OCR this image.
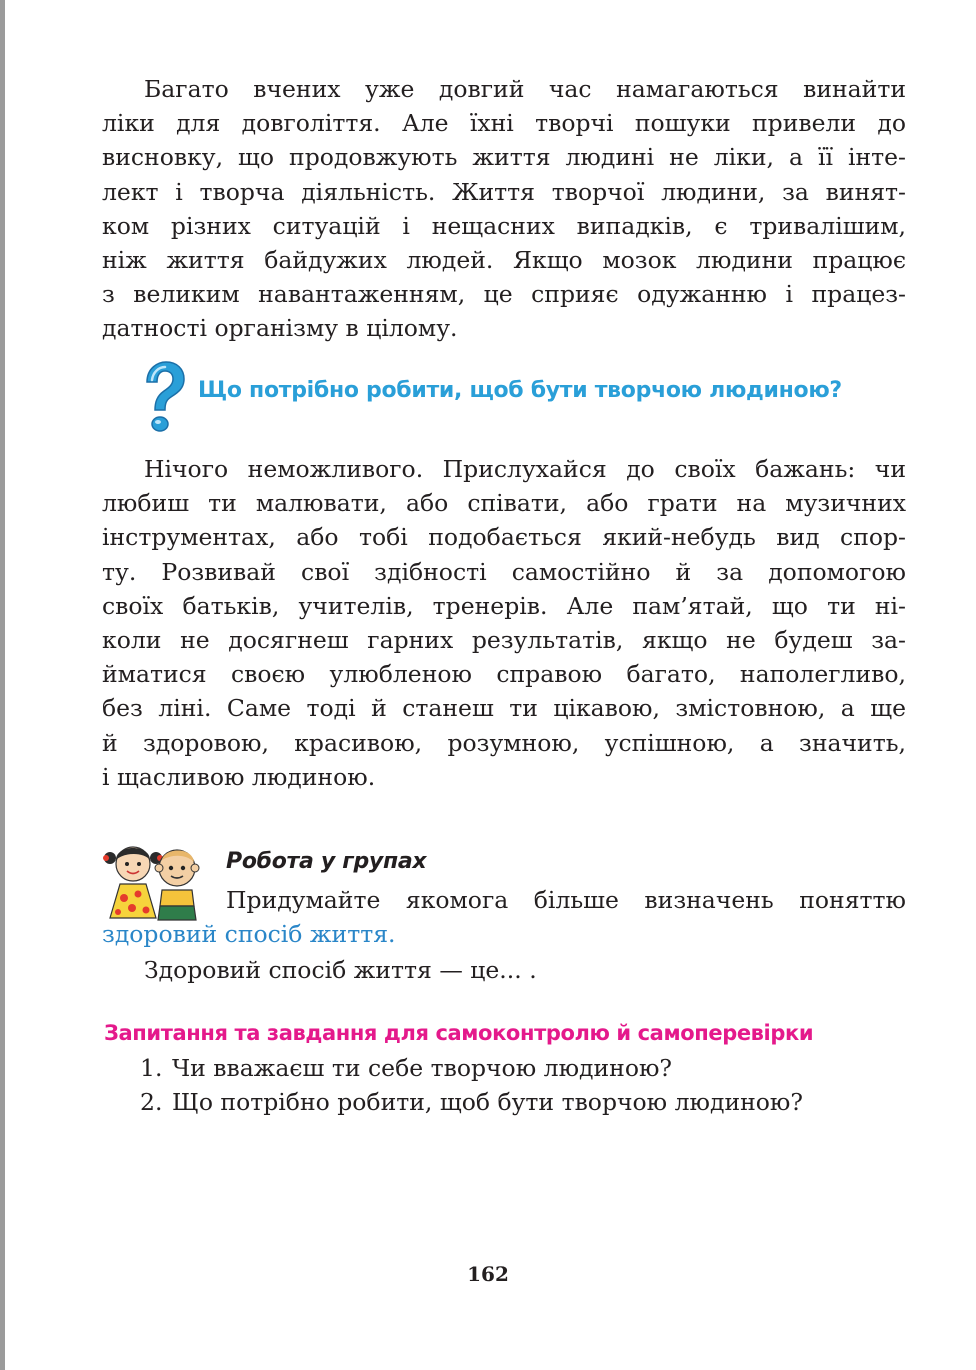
Багато вчених уже довгий час намагаються винайти
ліки для довголіття. Але їхні творчі пошуки привели до
висновку, що продовжують життя людині не ліки, а її інте-
лект і творча діяльність. Життя творчої людини, за винят-
ком різних ситуацій і нещасних випадків, є тривалішим,
ніж життя байдужих людей. Якщо мозок людини працює
з великим навантаженням, це сприяє одужанню і працез-
датності організму в цілому.
Що потрібно робити, щоб бути творчою людиною?
Нічого неможливого. Прислухайся до своїх бажань: чи
любиш ти малювати, або співати, або грати на музичних
інструментах, або тобі подобається який-небудь вид спор-
ту. Розвивай свої здібності самостійно й за допомогою
своїх батьків, учителів, тренерів. Але пам’ятай, що ти ні-
коли не досягнеш гарних результатів, якщо не будеш за-
йматися своєю улюбленою справою багато, наполегливо,
без ліні. Саме тоді й станеш ти цікавою, змістовною, а ще
й здоровою, красивою, розумною, успішною, а значить,
і щасливою людиною.
Робота у групах
Придумайте якомога більше визначень поняттю
здоровий спосіб життя.
Здоровий спосіб життя — це... .
Запитання та завдання для самоконтролю й самоперевірки
1. Чи вважаєш ти себе творчою людиною?
2. Що потрібно робити, щоб бути творчою людиною?
162
